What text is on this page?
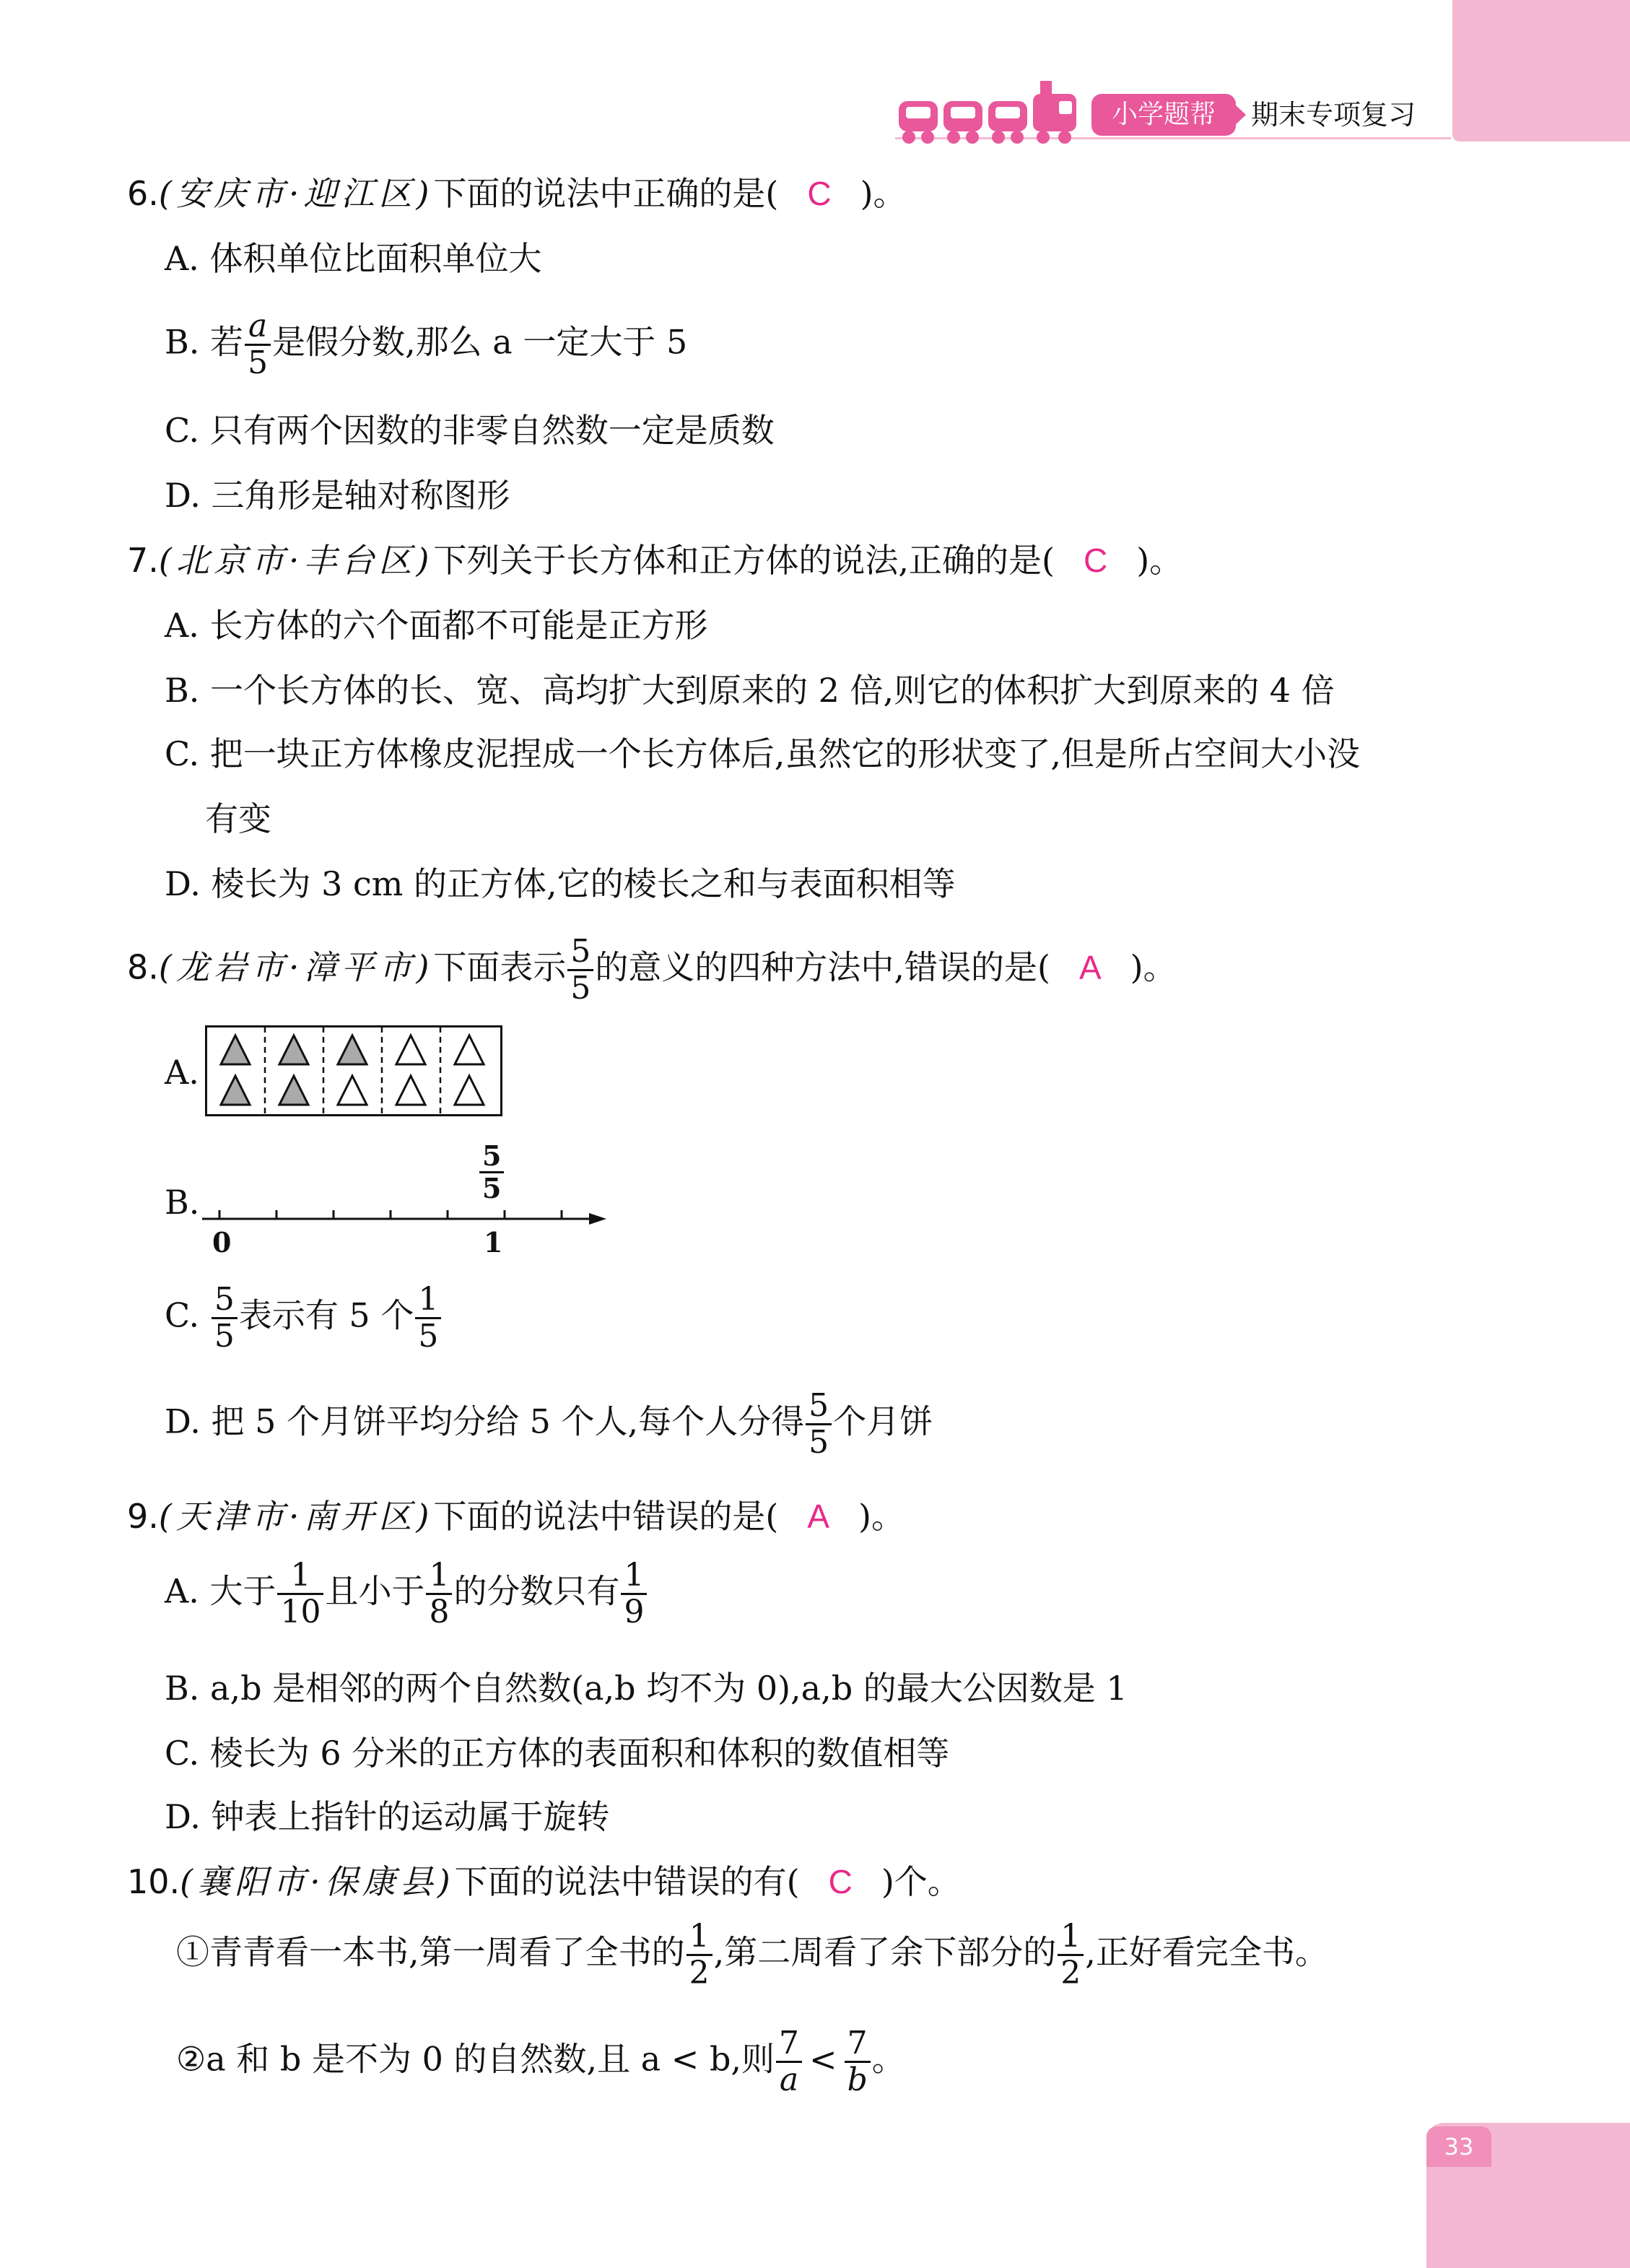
小学题帮	期末专项复习
6.(安庆市·迎江区)下面的说法中正确的是( C )。
A. 体积单位比面积单位大
B. 若 $\frac{a}{5}$ 是假分数,那么 a 一定大于 5
C. 只有两个因数的非零自然数一定是质数
D. 三角形是轴对称图形
7.(北京市·丰台区)下列关于长方体和正方体的说法,正确的是( C )。
A. 长方体的六个面都不可能是正方形
B. 一个长方体的长、宽、高均扩大到原来的 2 倍,则它的体积扩大到原来的 4 倍
C. 把一块正方体橡皮泥捏成一个长方体后,虽然它的形状变了,但是所占空间大小没
有变
D. 棱长为 3 cm 的正方体,它的棱长之和与表面积相等
8.(龙岩市·漳平市)下面表示 $\frac{5}{5}$ 的意义的四种方法中,错误的是( A )。
A.
B.
0	1
$\frac{5}{5}$
C. $\frac{5}{5}$ 表示有 5 个 $\frac{1}{5}$
D. 把 5 个月饼平均分给 5 个人,每个人分得 $\frac{5}{5}$ 个月饼
9.(天津市·南开区)下面的说法中错误的是( A )。
A. 大于 $\frac{1}{10}$ 且小于 $\frac{1}{8}$ 的分数只有 $\frac{1}{9}$
B. a,b 是相邻的两个自然数(a,b 均不为 0),a,b 的最大公因数是 1
C. 棱长为 6 分米的正方体的表面积和体积的数值相等
D. 钟表上指针的运动属于旋转
10.(襄阳市·保康县)下面的说法中错误的有( C )个。
①青青看一本书,第一周看了全书的 $\frac{1}{2}$ ,第二周看了余下部分的 $\frac{1}{2}$ ,正好看完全书。
②a 和 b 是不为 0 的自然数,且 a < b,则 $\frac{7}{a} < \frac{7}{b}$ 。
33
